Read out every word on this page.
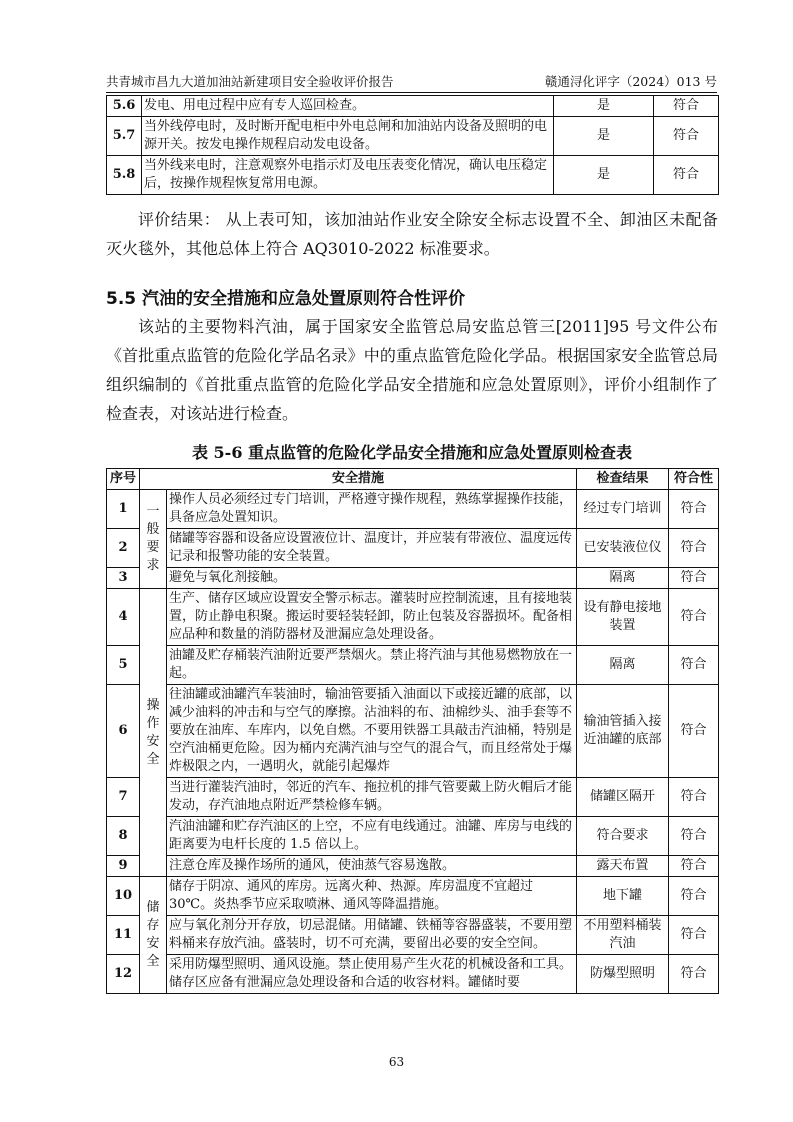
共青城市昌九大道加油站新建项目安全验收评价报告	赣通浔化评字（2024）013 号
5.6	发电、用电过程中应有专人巡回检查。	是	符合
5.7	当外线停电时，及时断开配电柜中外电总闸和加油站内设备及照明的电源开关。按发电操作规程启动发电设备。	是	符合
5.8	当外线来电时，注意观察外电指示灯及电压表变化情况，确认电压稳定后，按操作规程恢复常用电源。	是	符合
评价结果： 从上表可知，该加油站作业安全除安全标志设置不全、卸油区未配备灭火毯外，其他总体上符合 AQ3010-2022 标准要求。
5.5 汽油的安全措施和应急处置原则符合性评价
该站的主要物料汽油，属于国家安全监管总局安监总管三[2011]95 号文件公布《首批重点监管的危险化学品名录》中的重点监管危险化学品。根据国家安全监管总局组织编制的《首批重点监管的危险化学品安全措施和应急处置原则》，评价小组制作了检查表，对该站进行检查。
表 5-6 重点监管的危险化学品安全措施和应急处置原则检查表
序号	安全措施		检查结果	符合性
1	一般要求	操作人员必须经过专门培训，严格遵守操作规程，熟练掌握操作技能，具备应急处置知识。	经过专门培训	符合
2		储罐等容器和设备应设置液位计、温度计，并应装有带液位、温度远传记录和报警功能的安全装置。	已安装液位仪	符合
3		避免与氧化剂接触。	隔离	符合
4	操作安全	生产、储存区域应设置安全警示标志。灌装时应控制流速，且有接地装置，防止静电积聚。搬运时要轻装轻卸，防止包装及容器损坏。配备相应品种和数量的消防器材及泄漏应急处理设备。	设有静电接地装置	符合
5		油罐及贮存桶装汽油附近要严禁烟火。禁止将汽油与其他易燃物放在一起。	隔离	符合
6		往油罐或油罐汽车装油时，输油管要插入油面以下或接近罐的底部，以减少油料的冲击和与空气的摩擦。沾油料的布、油棉纱头、油手套等不要放在油库、车库内，以免自燃。不要用铁器工具敲击汽油桶，特别是空汽油桶更危险。因为桶内充满汽油与空气的混合气，而且经常处于爆炸极限之内，一遇明火，就能引起爆炸	输油管插入接近油罐的底部	符合
7		当进行灌装汽油时，邻近的汽车、拖拉机的排气管要戴上防火帽后才能发动，存汽油地点附近严禁检修车辆。	储罐区隔开	符合
8		汽油油罐和贮存汽油区的上空，不应有电线通过。油罐、库房与电线的距离要为电杆长度的 1.5 倍以上。	符合要求	符合
9		注意仓库及操作场所的通风，使油蒸气容易逸散。	露天布置	符合
10	储存安全	储存于阴凉、通风的库房。远离火种、热源。库房温度不宜超过 30℃。炎热季节应采取喷淋、通风等降温措施。	地下罐	符合
11		应与氧化剂分开存放，切忌混储。用储罐、铁桶等容器盛装，不要用塑料桶来存放汽油。盛装时，切不可充满，要留出必要的安全空间。	不用塑料桶装汽油	符合
12		采用防爆型照明、通风设施。禁止使用易产生火花的机械设备和工具。储存区应备有泄漏应急处理设备和合适的收容材料。罐储时要	防爆型照明	符合
63
